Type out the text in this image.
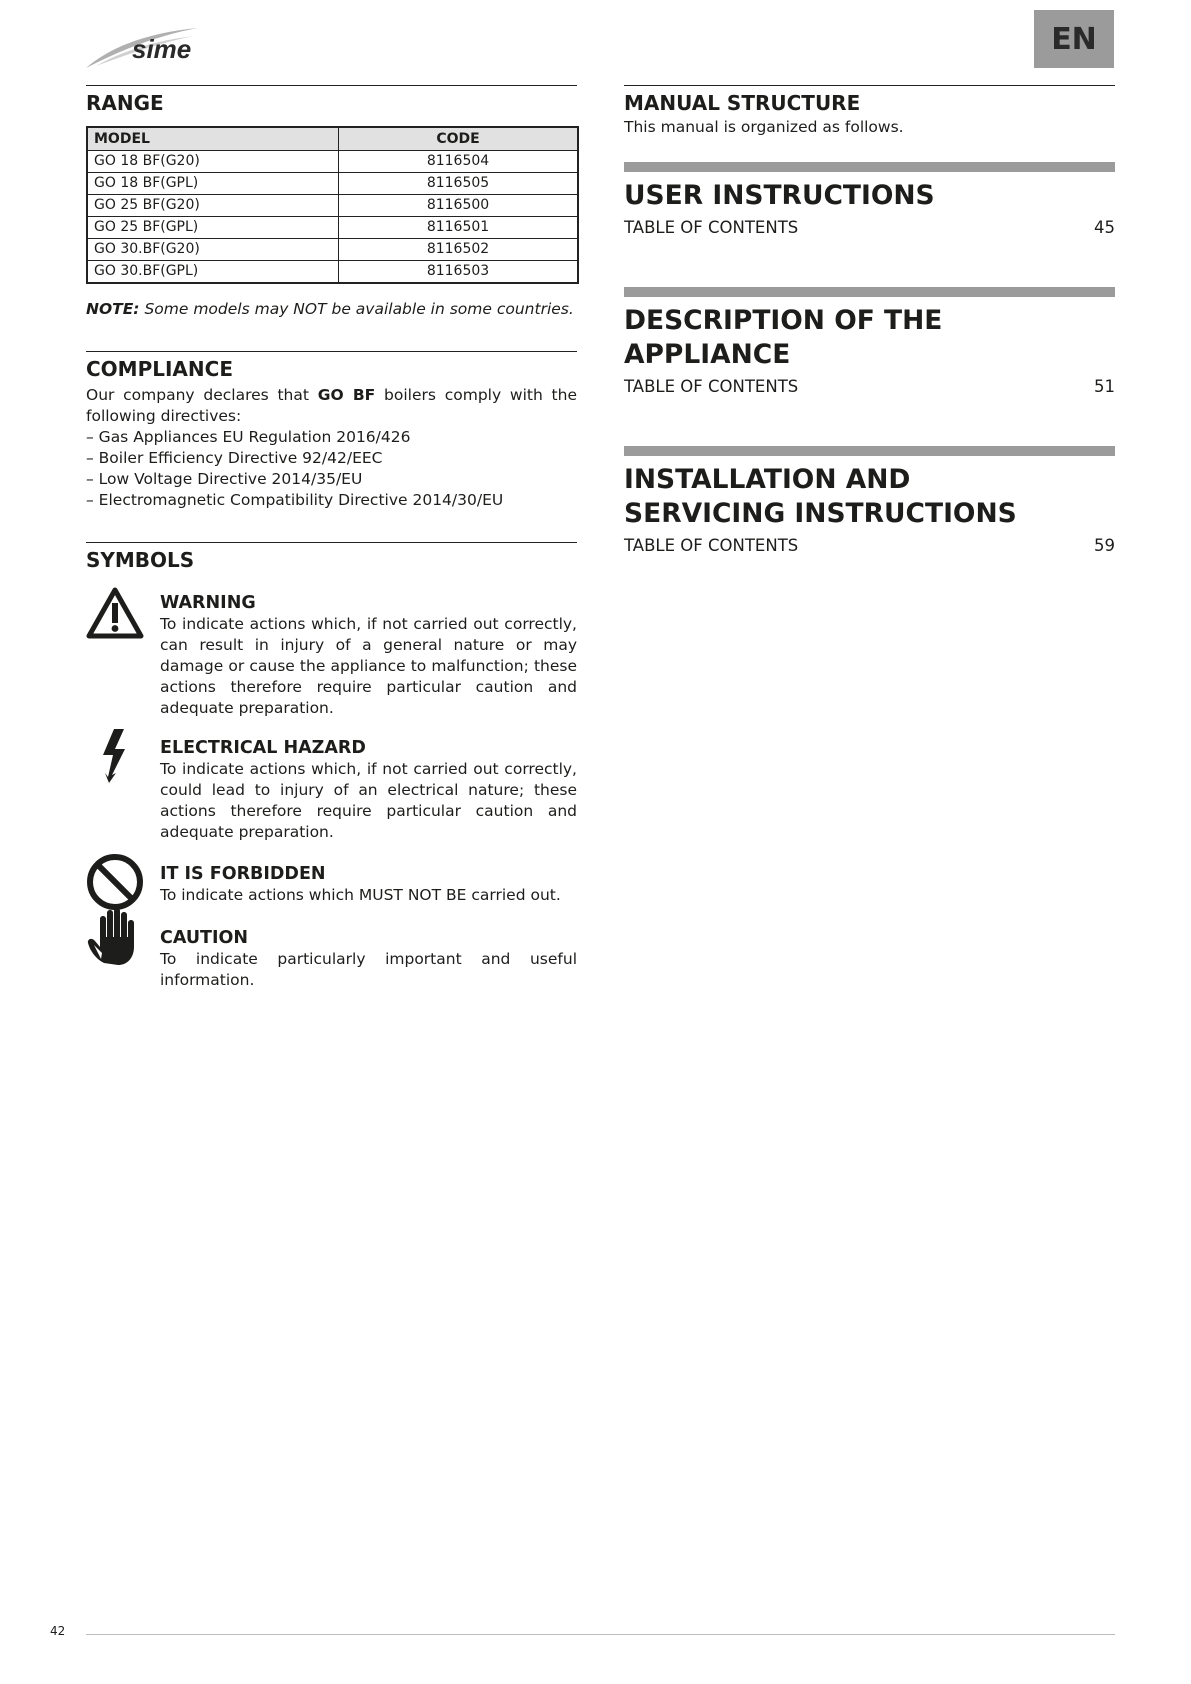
sime	EN
RANGE
MODEL	CODE
GO 18 BF(G20)	8116504
GO 18 BF(GPL)	8116505
GO 25 BF(G20)	8116500
GO 25 BF(GPL)	8116501
GO 30.BF(G20)	8116502
GO 30.BF(GPL)	8116503

NOTE: Some models may NOT be available in some countries.

COMPLIANCE

Our company declares that GO BF boilers comply with the following directives:

– Gas Appliances EU Regulation 2016/426
– Boiler Efficiency Directive 92/42/EEC
– Low Voltage Directive 2014/35/EU
– Electromagnetic Compatibility Directive 2014/30/EU
SYMBOLS
WARNING

To indicate actions which, if not carried out correctly, can result in injury of a general nature or may damage or cause the appliance to malfunction; these actions therefore require particular caution and adequate preparation.

ELECTRICAL HAZARD

To indicate actions which, if not carried out correctly, could lead to injury of an electrical nature; these actions therefore require particular caution and adequate preparation.

IT IS FORBIDDEN

To indicate actions which MUST NOT BE carried out.

CAUTION

To indicate particularly important and useful information.

MANUAL STRUCTURE

This manual is organized as follows.

USER INSTRUCTIONS
TABLE OF CONTENTS	45
DESCRIPTION OF THE APPLIANCE
TABLE OF CONTENTS	51
INSTALLATION AND SERVICING INSTRUCTIONS
TABLE OF CONTENTS	59
42
